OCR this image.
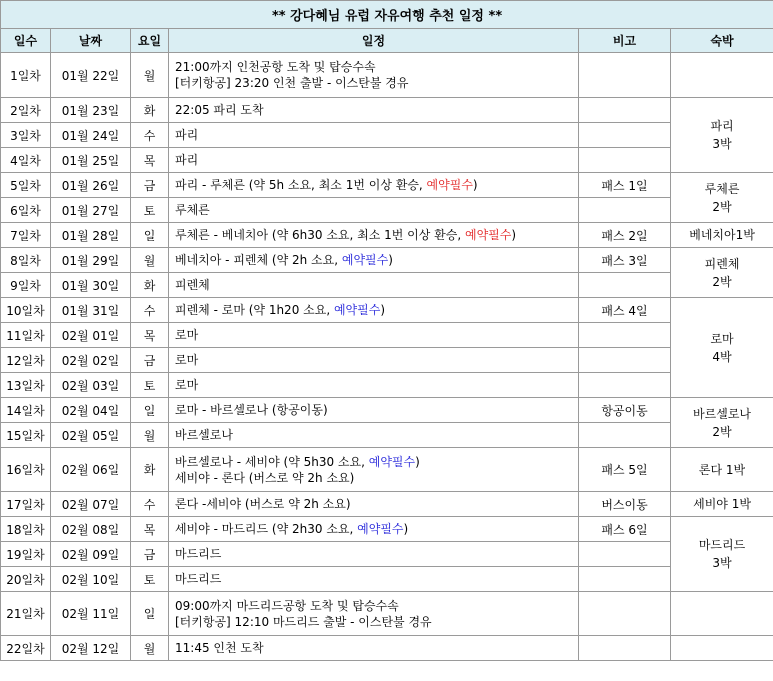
** 강다혜님 유럽 자유여행 추천 일정 **					
일수	날짜	요일	일정	비고	숙박
1일차	01월 22일	월	21:00까지 인천공항 도착 및 탑승수속
[터키항공] 23:20 인천 출발 - 이스탄불 경유		

2일차	01월 23일	화	22:05 파리 도착		파리
3박

3일차	01월 24일	수	파리		

4일차	01월 25일	목	파리		

5일차	01월 26일	금	파리 - 루체른 (약 5h 소요, 최소 1번 이상 환승, 예약필수)	패스 1일	루체른
2박

6일차	01월 27일	토	루체른		

7일차	01월 28일	일	루체른 - 베네치아 (약 6h30 소요, 최소 1번 이상 환승, 예약필수)	패스 2일	베네치아1박

8일차	01월 29일	월	베네치아 - 피렌체 (약 2h 소요, 예약필수)	패스 3일	피렌체
2박

9일차	01월 30일	화	피렌체		

10일차	01월 31일	수	피렌체 - 로마 (약 1h20 소요, 예약필수)	패스 4일	로마
4박

11일차	02월 01일	목	로마		

12일차	02월 02일	금	로마		

13일차	02월 03일	토	로마		

14일차	02월 04일	일	로마 - 바르셀로나 (항공이동)	항공이동	바르셀로나
2박

15일차	02월 05일	월	바르셀로나		

16일차	02월 06일	화	바르셀로나 - 세비야 (약 5h30 소요, 예약필수)
세비야 - 론다 (버스로 약 2h 소요)	패스 5일	론다 1박

17일차	02월 07일	수	론다 -세비야 (버스로 약 2h 소요)	버스이동	세비야 1박

18일차	02월 08일	목	세비야 - 마드리드 (약 2h30 소요, 예약필수)	패스 6일	마드리드
3박

19일차	02월 09일	금	마드리드		

20일차	02월 10일	토	마드리드		

21일차	02월 11일	일	09:00까지 마드리드공항 도착 및 탑승수속
[터키항공] 12:10 마드리드 출발 - 이스탄불 경유		

22일차	02월 12일	월	11:45 인천 도착		
